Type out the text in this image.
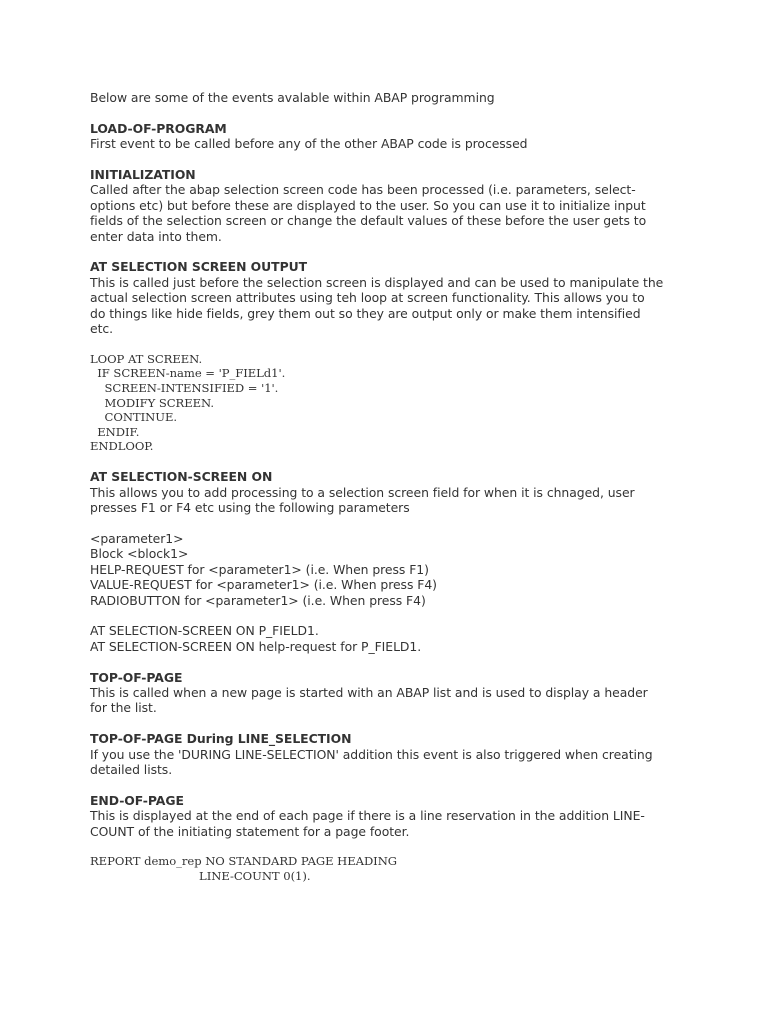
Below are some of the events avalable within ABAP programming

LOAD-OF-PROGRAM

First event to be called before any of the other ABAP code is processed

INITIALIZATION

Called after the abap selection screen code has been processed (i.e. parameters, select-
options etc) but before these are displayed to the user. So you can use it to initialize input
fields of the selection screen or change the default values of these before the user gets to
enter data into them.

AT SELECTION SCREEN OUTPUT

This is called just before the selection screen is displayed and can be used to manipulate the
actual selection screen attributes using teh loop at screen functionality. This allows you to
do things like hide fields, grey them out so they are output only or make them intensified
etc.
LOOP AT SCREEN.
IF SCREEN-name = 'P_FIELd1'.
SCREEN-INTENSIFIED = '1'.
MODIFY SCREEN.
CONTINUE.
ENDIF.
ENDLOOP.

AT SELECTION-SCREEN ON

This allows you to add processing to a selection screen field for when it is chnaged, user
presses F1 or F4 etc using the following parameters
<parameter1>
Block <block1>
HELP-REQUEST for <parameter1> (i.e. When press F1)
VALUE-REQUEST for <parameter1> (i.e. When press F4)
RADIOBUTTON for <parameter1> (i.e. When press F4)
AT SELECTION-SCREEN ON P_FIELD1.
AT SELECTION-SCREEN ON help-request for P_FIELD1.

TOP-OF-PAGE

This is called when a new page is started with an ABAP list and is used to display a header
for the list.

TOP-OF-PAGE During LINE_SELECTION

If you use the 'DURING LINE-SELECTION' addition this event is also triggered when creating
detailed lists.

END-OF-PAGE

This is displayed at the end of each page if there is a line reservation in the addition LINE-
COUNT of the initiating statement for a page footer.
REPORT demo_rep NO STANDARD PAGE HEADING
LINE-COUNT 0(1).
